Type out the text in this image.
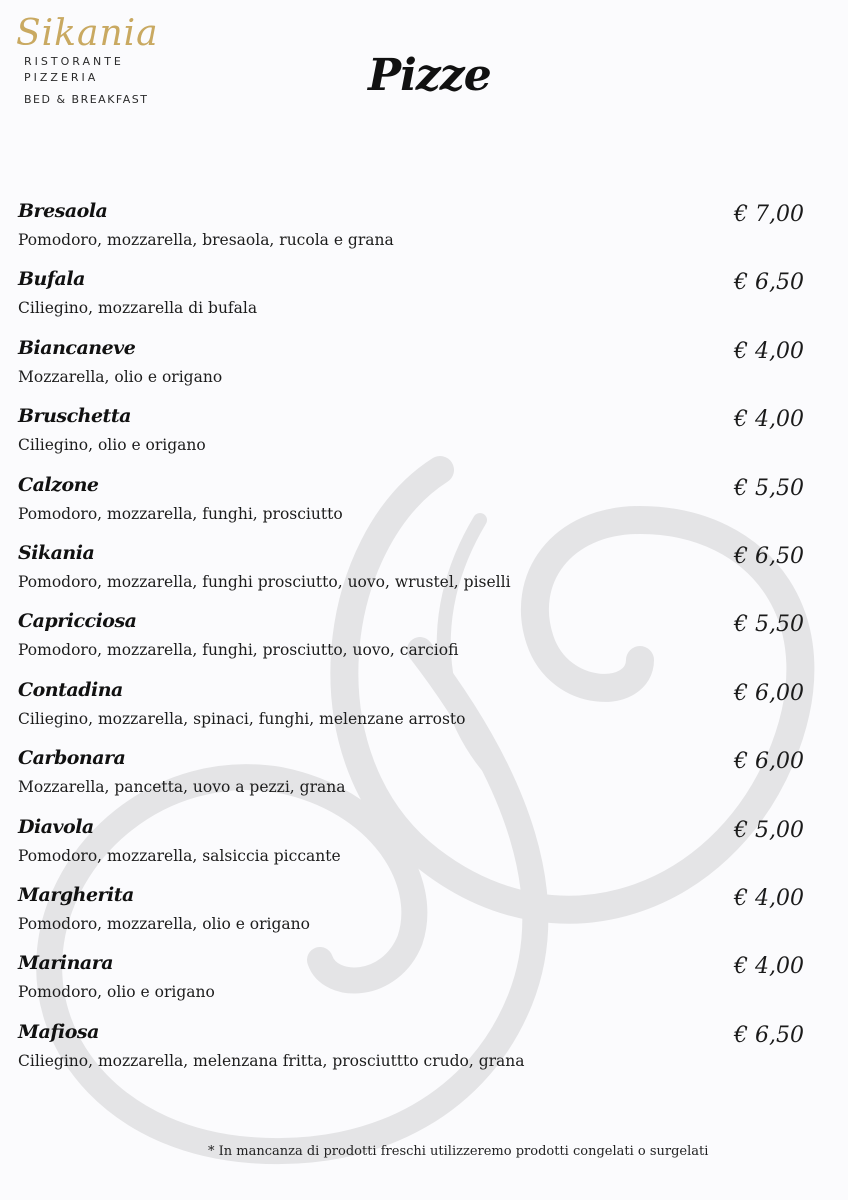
Sikania
RISTORANTE
PIZZERIA
BED & BREAKFAST	Pizze
Bresaola
Pomodoro, mozzarella, bresaola, rucola e grana
€ 7,00
Bufala
Ciliegino, mozzarella di bufala
€ 6,50
Biancaneve
Mozzarella, olio e origano
€ 4,00
Bruschetta
Ciliegino, olio e origano
€ 4,00
Calzone
Pomodoro, mozzarella, funghi, prosciutto
€ 5,50
Sikania
Pomodoro, mozzarella, funghi prosciutto, uovo, wrustel, piselli
€ 6,50
Capricciosa
Pomodoro, mozzarella, funghi, prosciutto, uovo, carciofi
€ 5,50
Contadina
Ciliegino, mozzarella, spinaci, funghi, melenzane arrosto
€ 6,00
Carbonara
Mozzarella, pancetta, uovo a pezzi, grana
€ 6,00
Diavola
Pomodoro, mozzarella, salsiccia piccante
€ 5,00
Margherita
Pomodoro, mozzarella, olio e origano
€ 4,00
Marinara
Pomodoro, olio e origano
€ 4,00
Mafiosa
Ciliegino, mozzarella, melenzana fritta, prosciuttto crudo, grana
€ 6,50
* In mancanza di prodotti freschi utilizzeremo prodotti congelati o surgelati
